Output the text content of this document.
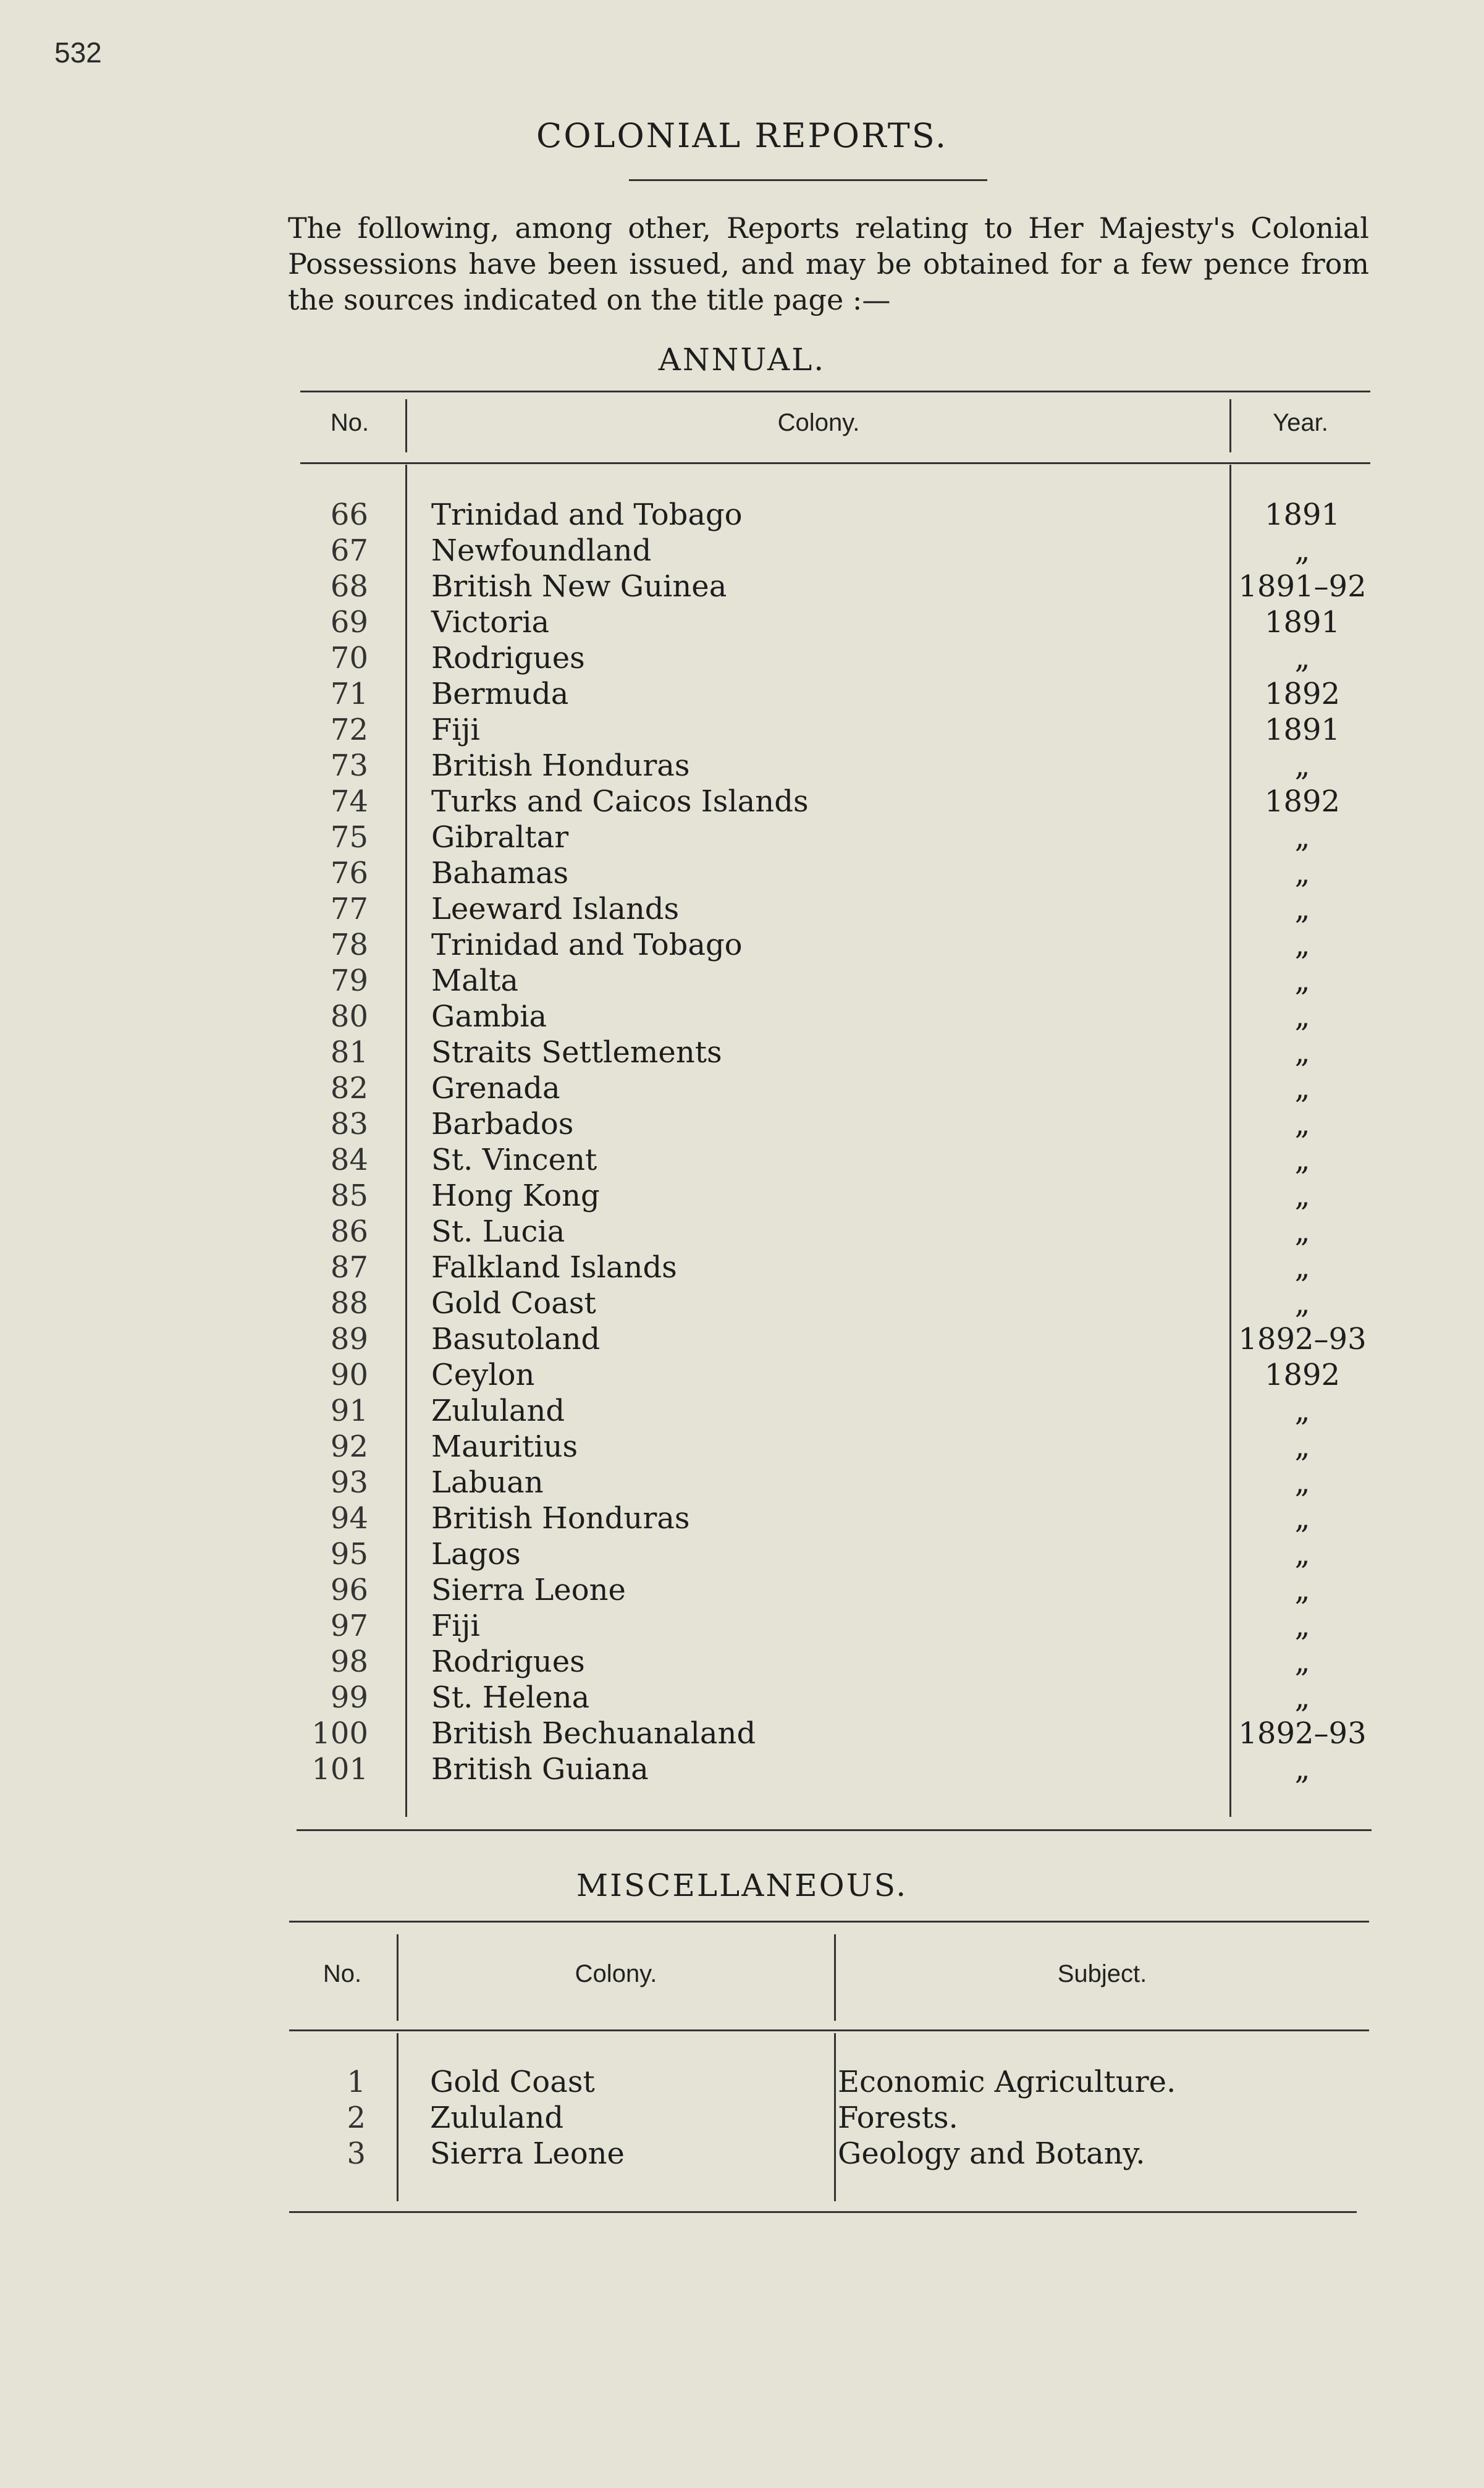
532
COLONIAL REPORTS.
The following, among other, Reports relating to Her Majesty's Colonial Possessions have been issued, and may be obtained for a few pence from the sources indicated on the title page :—
ANNUAL.
No.	Colony.	Year.
66	Trinidad and Tobago	1891
67	Newfoundland	„
68	British New Guinea	1891–92
69	Victoria	1891
70	Rodrigues	„
71	Bermuda	1892
72	Fiji	1891
73	British Honduras	„
74	Turks and Caicos Islands	1892
75	Gibraltar	„
76	Bahamas	„
77	Leeward Islands	„
78	Trinidad and Tobago	„
79	Malta	„
80	Gambia	„
81	Straits Settlements	„
82	Grenada	„
83	Barbados	„
84	St. Vincent	„
85	Hong Kong	„
86	St. Lucia	„
87	Falkland Islands	„
88	Gold Coast	„
89	Basutoland	1892–93
90	Ceylon	1892
91	Zululand	„
92	Mauritius	„
93	Labuan	„
94	British Honduras	„
95	Lagos	„
96	Sierra Leone	„
97	Fiji	„
98	Rodrigues	„
99	St. Helena	„
100	British Bechuanaland	1892–93
101	British Guiana	„
MISCELLANEOUS.
No.	Colony.	Subject.
1	Gold Coast	Economic Agriculture.
2	Zululand	Forests.
3	Sierra Leone	Geology and Botany.
